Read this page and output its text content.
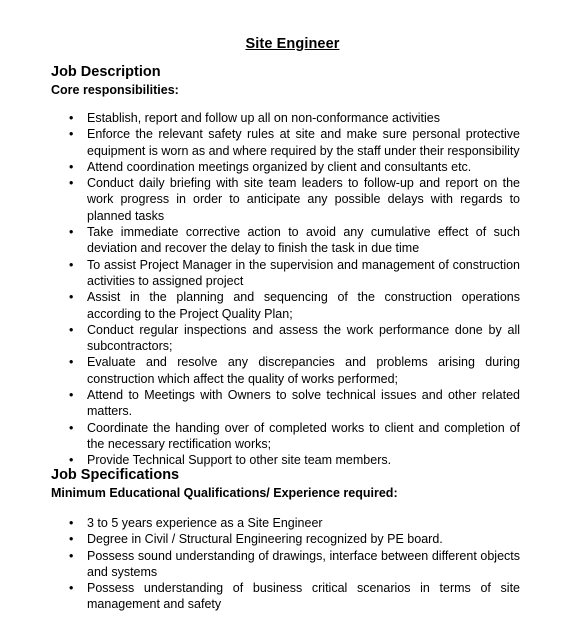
Site Engineer
Job Description
Core responsibilities:
• Establish, report and follow up all on non-conformance activities
• Enforce the relevant safety rules at site and make sure personal protective equipment is worn as and where required by the staff under their responsibility
• Attend coordination meetings organized by client and consultants etc.
• Conduct daily briefing with site team leaders to follow-up and report on the work progress in order to anticipate any possible delays with regards to planned tasks
• Take immediate corrective action to avoid any cumulative effect of such deviation and recover the delay to finish the task in due time
• To assist Project Manager in the supervision and management of construction activities to assigned project
• Assist in the planning and sequencing of the construction operations according to the Project Quality Plan;
• Conduct regular inspections and assess the work performance done by all subcontractors;
• Evaluate and resolve any discrepancies and problems arising during construction which affect the quality of works performed;
• Attend to Meetings with Owners to solve technical issues and other related matters.
• Coordinate the handing over of completed works to client and completion of the necessary rectification works;
• Provide Technical Support to other site team members.
Job Specifications
Minimum Educational Qualifications/ Experience required:
• 3 to 5 years experience as a Site Engineer
• Degree in Civil / Structural Engineering recognized by PE board.
• Possess sound understanding of drawings, interface between different objects and systems
• Possess understanding of business critical scenarios in terms of site management and safety
